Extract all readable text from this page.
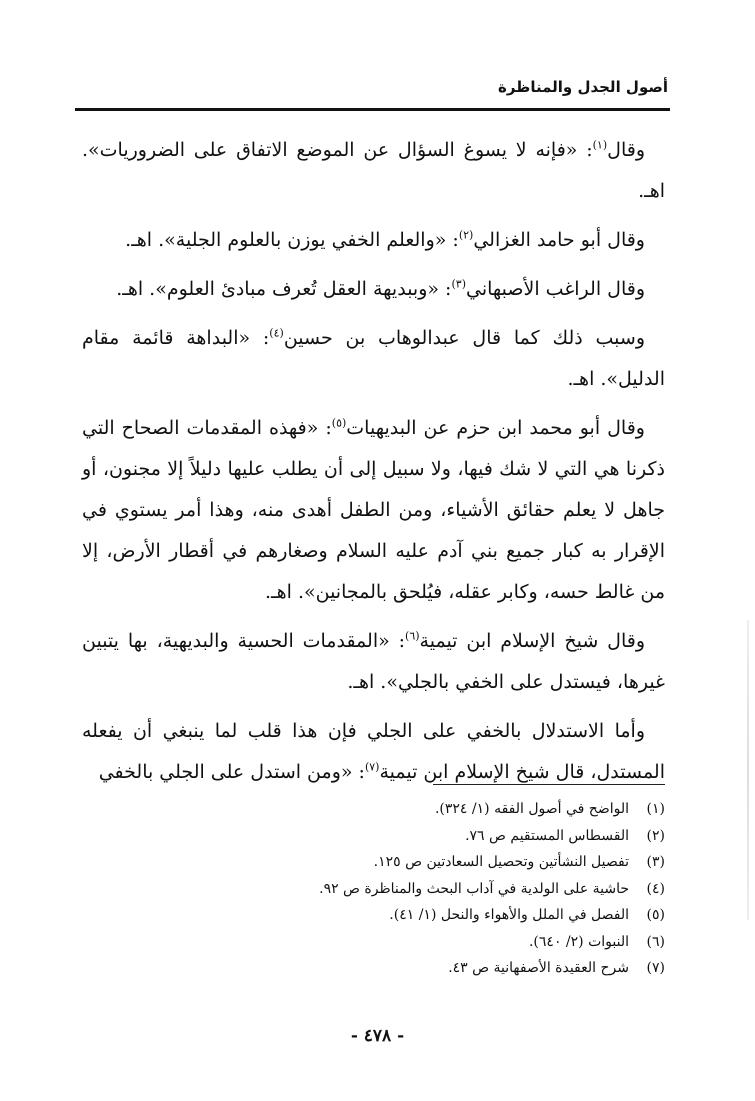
أصول الجدل والمناظرة

وقال$^{(١)}$: «فإنه لا يسوغ السؤال عن الموضع الاتفاق على الضروريات». اهـ.

وقال أبو حامد الغزالي$^{(٢)}$: «والعلم الخفي يوزن بالعلوم الجلية». اهـ.

وقال الراغب الأصبهاني$^{(٣)}$: «وببديهة العقل تُعرف مبادئ العلوم». اهـ.

وسبب ذلك كما قال عبدالوهاب بن حسين$^{(٤)}$: «البداهة قائمة مقام الدليل». اهـ.

وقال أبو محمد ابن حزم عن البديهيات$^{(٥)}$: «فهذه المقدمات الصحاح التي ذكرنا هي التي لا شك فيها، ولا سبيل إلى أن يطلب عليها دليلاً إلا مجنون، أو جاهل لا يعلم حقائق الأشياء، ومن الطفل أهدى منه، وهذا أمر يستوي في الإقرار به كبار جميع بني آدم عليه السلام وصغارهم في أقطار الأرض، إلا من غالط حسه، وكابر عقله، فيُلحق بالمجانين». اهـ.

وقال شيخ الإسلام ابن تيمية$^{(٦)}$: «المقدمات الحسية والبديهية، بها يتبين غيرها، فيستدل على الخفي بالجلي». اهـ.

وأما الاستدلال بالخفي على الجلي فإن هذا قلب لما ينبغي أن يفعله المستدل، قال شيخ الإسلام ابن تيمية$^{(٧)}$: «ومن استدل على الجلي بالخفي

(١)
الواضح في أصول الفقه (١/ ٣٢٤).
(٢)
القسطاس المستقيم ص ٧٦.
(٣)
تفصيل النشأتين وتحصيل السعادتين ص ١٢٥.
(٤)
حاشية على الولدية في آداب البحث والمناظرة ص ٩٢.
(٥)
الفصل في الملل والأهواء والنحل (١/ ٤١).
(٦)
النبوات (٢/ ٦٤٠).
(٧)
شرح العقيدة الأصفهانية ص ٤٣.
- ٤٧٨ -
